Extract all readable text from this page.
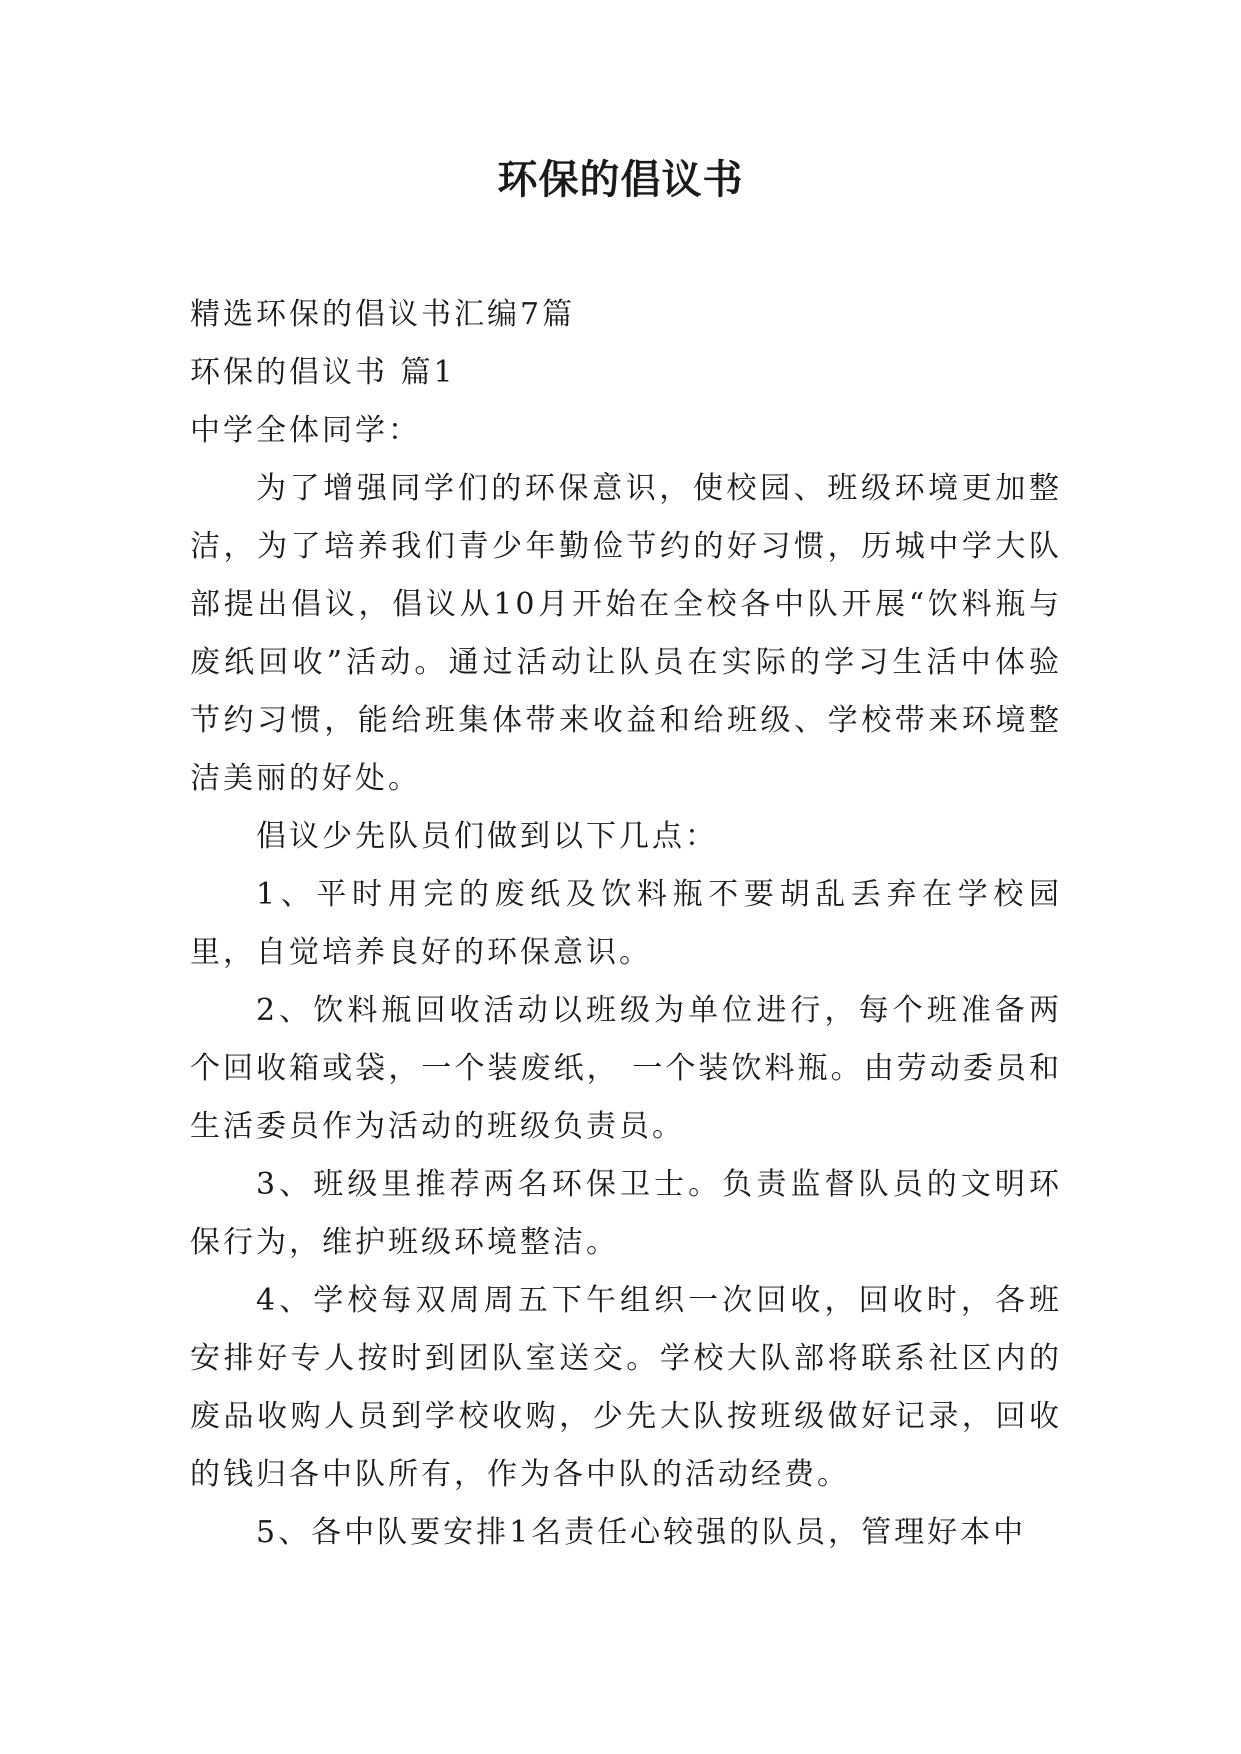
环保的倡议书

精选环保的倡议书汇编7篇

环保的倡议书 篇1

中学全体同学：

为了增强同学们的环保意识，使校园、班级环境更加整洁，为了培养我们青少年勤俭节约的好习惯，历城中学大队部提出倡议，倡议从10月开始在全校各中队开展“饮料瓶与废纸回收”活动。通过活动让队员在实际的学习生活中体验节约习惯，能给班集体带来收益和给班级、学校带来环境整洁美丽的好处。

倡议少先队员们做到以下几点：

1、平时用完的废纸及饮料瓶不要胡乱丢弃在学校园里，自觉培养良好的环保意识。

2、饮料瓶回收活动以班级为单位进行，每个班准备两个回收箱或袋，一个装废纸， 一个装饮料瓶。由劳动委员和生活委员作为活动的班级负责员。

3、班级里推荐两名环保卫士。负责监督队员的文明环保行为，维护班级环境整洁。

4、学校每双周周五下午组织一次回收，回收时，各班安排好专人按时到团队室送交。学校大队部将联系社区内的废品收购人员到学校收购，少先大队按班级做好记录，回收的钱归各中队所有，作为各中队的活动经费。

5、各中队要安排1名责任心较强的队员，管理好本中
